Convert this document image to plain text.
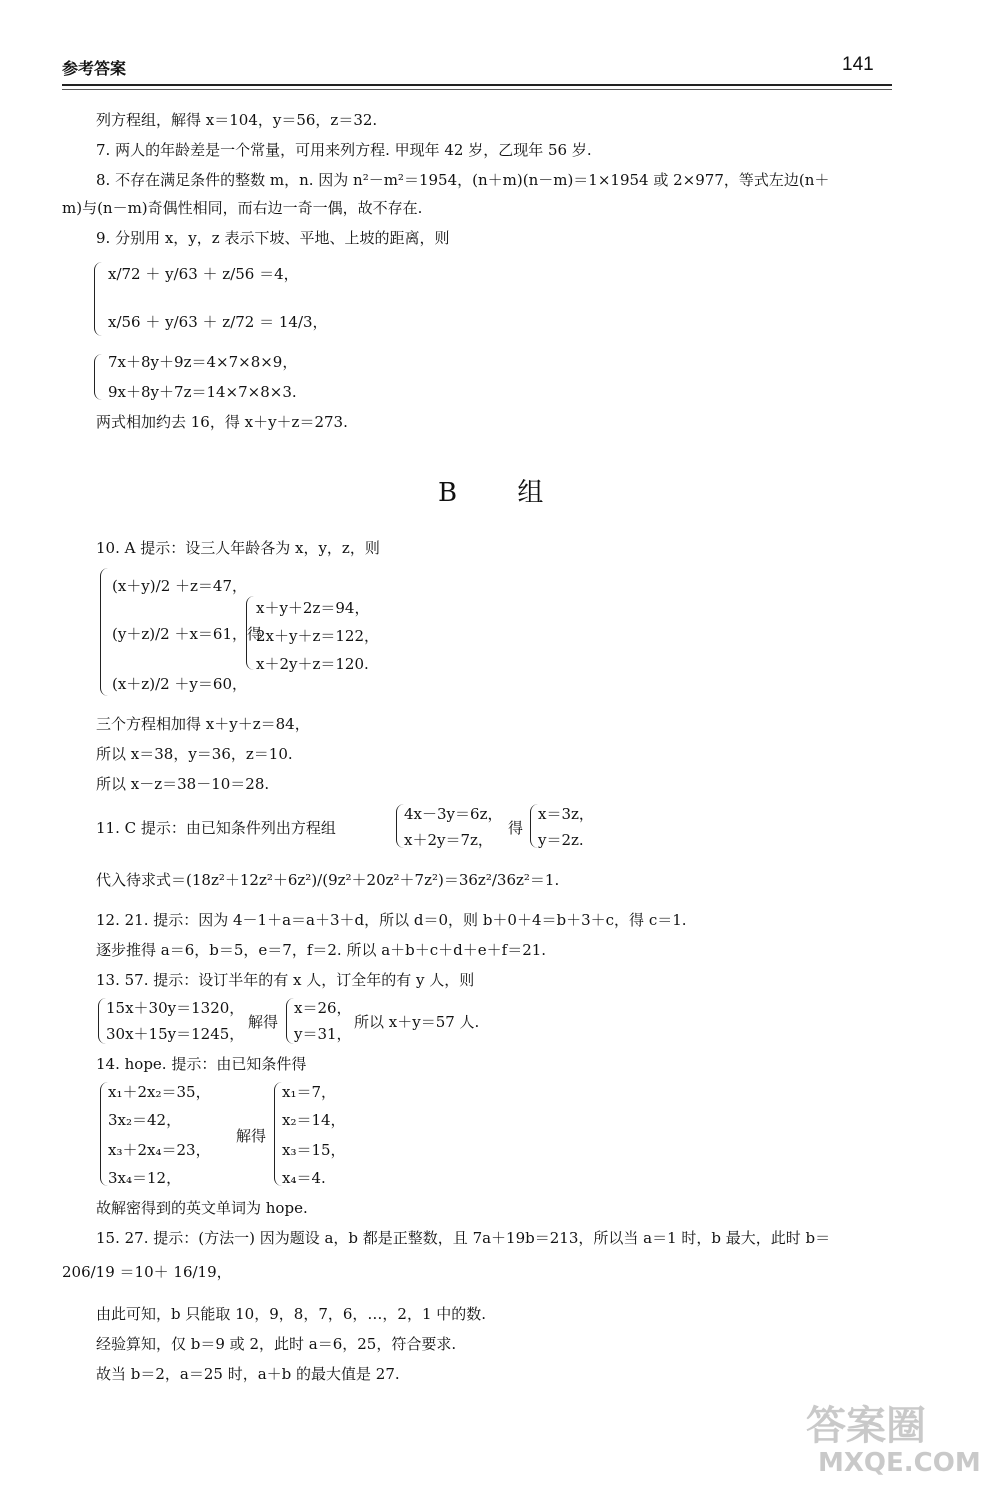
参考答案	141
列方程组，解得 x＝104，y＝56，z＝32.
7. 两人的年龄差是一个常量，可用来列方程. 甲现年 42 岁，乙现年 56 岁.
8. 不存在满足条件的整数 m，n. 因为 n²－m²＝1954，(n＋m)(n－m)＝1×1954 或 2×977，等式左边(n＋
m)与(n－m)奇偶性相同，而右边一奇一偶，故不存在.
9. 分别用 x，y，z 表示下坡、平地、上坡的距离，则
x/72 ＋ y/63 ＋ z/56 ＝4，
x/56 ＋ y/63 ＋ z/72 ＝ 14/3，
7x＋8y＋9z＝4×7×8×9，
9x＋8y＋7z＝14×7×8×3.
两式相加约去 16，得 x＋y＋z＝273.
B 组
10. A 提示：设三人年龄各为 x，y，z，则
(x＋y)/2 ＋z＝47，
(y＋z)/2 ＋x＝61，得
(x＋z)/2 ＋y＝60，
x＋y＋2z＝94，
2x＋y＋z＝122，
x＋2y＋z＝120.
三个方程相加得 x＋y＋z＝84，
所以 x＝38，y＝36，z＝10.
所以 x－z＝38－10＝28.
11. C 提示：由已知条件列出方程组
4x－3y＝6z，
x＋2y＝7z，
得
x＝3z，
y＝2z.
代入待求式＝(18z²＋12z²＋6z²)/(9z²＋20z²＋7z²)＝36z²/36z²＝1.
12. 21. 提示：因为 4－1＋a＝a＋3＋d，所以 d＝0，则 b＋0＋4＝b＋3＋c，得 c＝1.
逐步推得 a＝6，b＝5，e＝7，f＝2. 所以 a＋b＋c＋d＋e＋f＝21.
13. 57. 提示：设订半年的有 x 人，订全年的有 y 人，则
15x＋30y＝1320，
30x＋15y＝1245，
解得
x＝26，
y＝31，
所以 x＋y＝57 人.
14. hope. 提示：由已知条件得
x₁＋2x₂＝35，
3x₂＝42，
x₃＋2x₄＝23，
3x₄＝12，
解得
x₁＝7，
x₂＝14，
x₃＝15，
x₄＝4.
故解密得到的英文单词为 hope.
15. 27. 提示：(方法一) 因为题设 a，b 都是正整数，且 7a＋19b＝213，所以当 a＝1 时，b 最大，此时 b＝
206/19 ＝10＋ 16/19，
由此可知，b 只能取 10，9，8，7，6，…，2，1 中的数.
经验算知，仅 b＝9 或 2，此时 a＝6，25，符合要求.
故当 b＝2，a＝25 时，a＋b 的最大值是 27.
答案圈
MXQE.COM
